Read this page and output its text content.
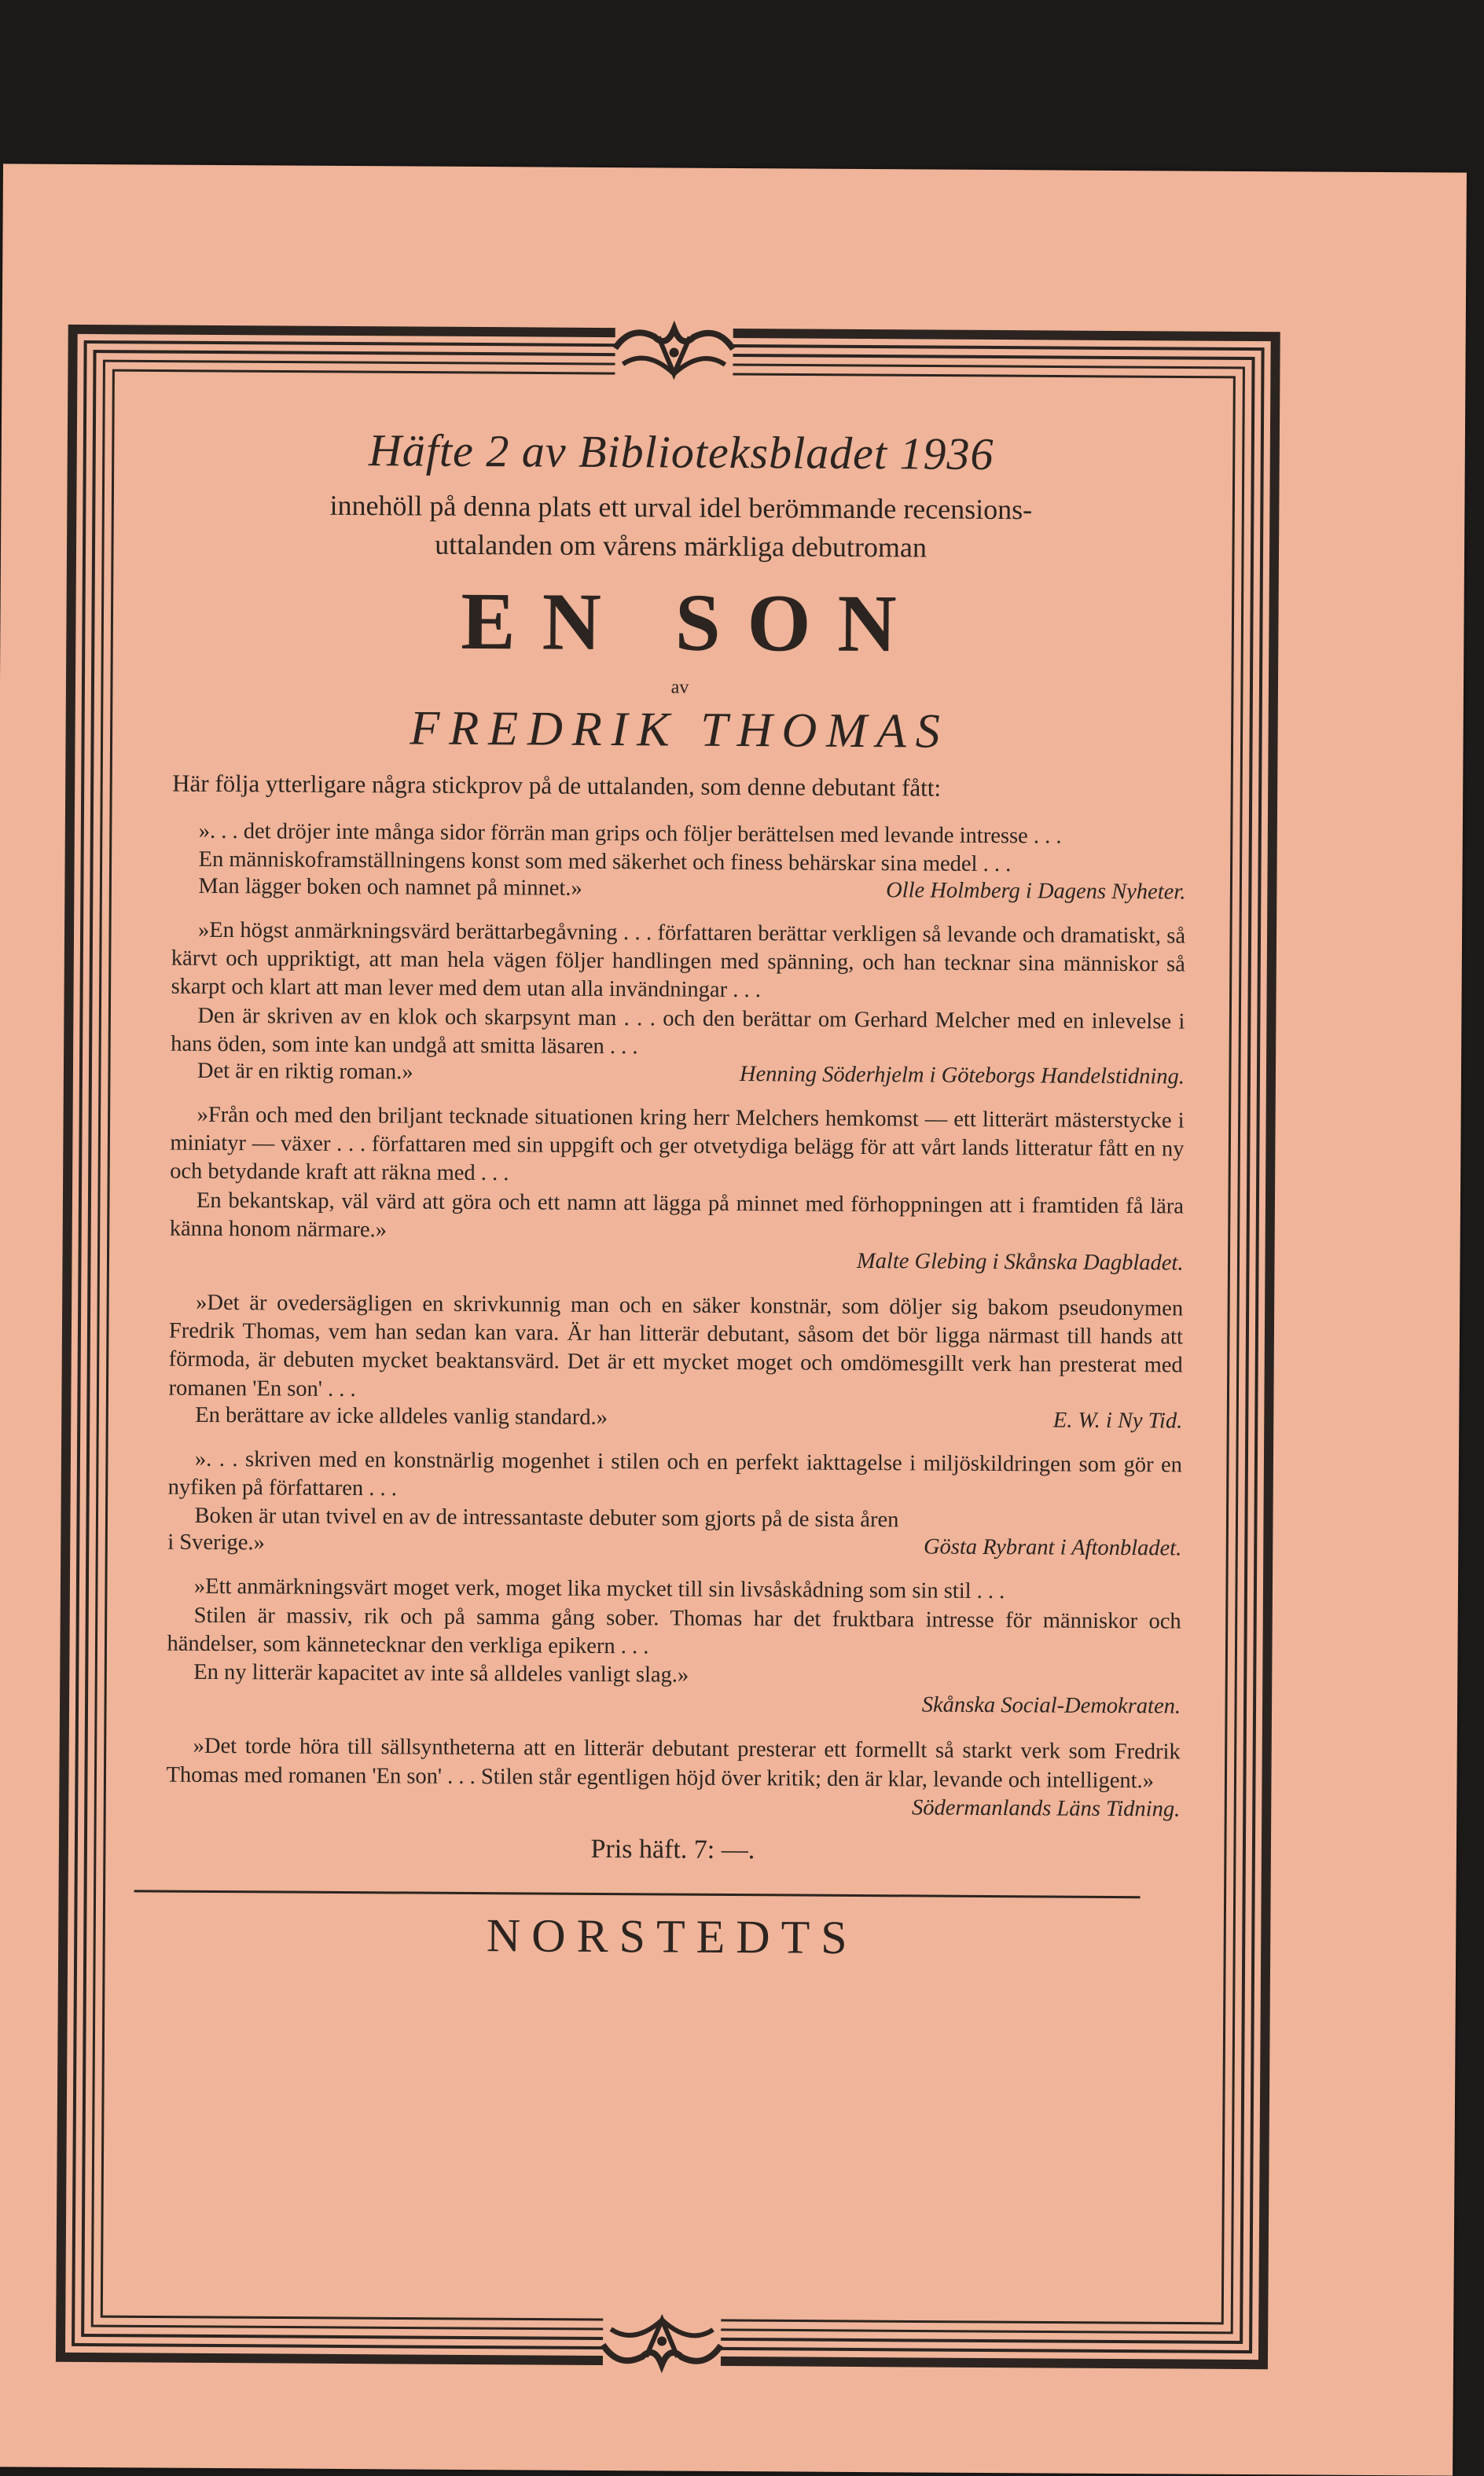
Häfte 2 av Biblioteksbladet 1936

innehöll på denna plats ett urval idel berömmande recensions-
uttalanden om vårens märkliga debutroman

EN SON

av

FREDRIK THOMAS

Här följa ytterligare några stickprov på de uttalanden, som denne debutant fått:

». . . det dröjer inte många sidor förrän man grips och följer berättelsen med levande intresse . . .

En människoframställningens konst som med säkerhet och finess behärskar sina medel . . .

Man lägger boken och namnet på minnet.»	Olle Holmberg i Dagens Nyheter.

»En högst anmärkningsvärd berättarbegåvning . . . författaren berättar verkligen så levande och dramatiskt, så kärvt och uppriktigt, att man hela vägen följer handlingen med spänning, och han tecknar sina människor så skarpt och klart att man lever med dem utan alla invändningar . . .

Den är skriven av en klok och skarpsynt man . . . och den berättar om Gerhard Melcher med en inlevelse i hans öden, som inte kan undgå att smitta läsaren . . .

Det är en riktig roman.»	Henning Söderhjelm i Göteborgs Handelstidning.

»Från och med den briljant tecknade situationen kring herr Melchers hemkomst — ett litterärt mästerstycke i miniatyr — växer . . . författaren med sin uppgift och ger otvetydiga belägg för att vårt lands litteratur fått en ny och betydande kraft att räkna med . . .

En bekantskap, väl värd att göra och ett namn att lägga på minnet med förhoppningen att i framtiden få lära känna honom närmare.»

Malte Glebing i Skånska Dagbladet.

»Det är ovedersägligen en skrivkunnig man och en säker konstnär, som döljer sig bakom pseudonymen Fredrik Thomas, vem han sedan kan vara. Är han litterär debutant, såsom det bör ligga närmast till hands att förmoda, är debuten mycket beaktansvärd. Det är ett mycket moget och omdömesgillt verk han presterat med romanen 'En son' . . .

En berättare av icke alldeles vanlig standard.»	E. W. i Ny Tid.

». . . skriven med en konstnärlig mogenhet i stilen och en perfekt iakttagelse i miljöskildringen som gör en nyfiken på författaren . . .

Boken är utan tvivel en av de intressantaste debuter som gjorts på de sista åren

i Sverige.»	Gösta Rybrant i Aftonbladet.

»Ett anmärkningsvärt moget verk, moget lika mycket till sin livsåskådning som sin stil . . .

Stilen är massiv, rik och på samma gång sober. Thomas har det fruktbara intresse för människor och händelser, som kännetecknar den verkliga epikern . . .

En ny litterär kapacitet av inte så alldeles vanligt slag.»

Skånska Social-Demokraten.

»Det torde höra till sällsyntheterna att en litterär debutant presterar ett formellt så starkt verk som Fredrik Thomas med romanen 'En son' . . . Stilen står egentligen höjd över kritik; den är klar, levande och intelligent.»

Södermanlands Läns Tidning.
Pris häft. 7: —.
NORSTEDTS
